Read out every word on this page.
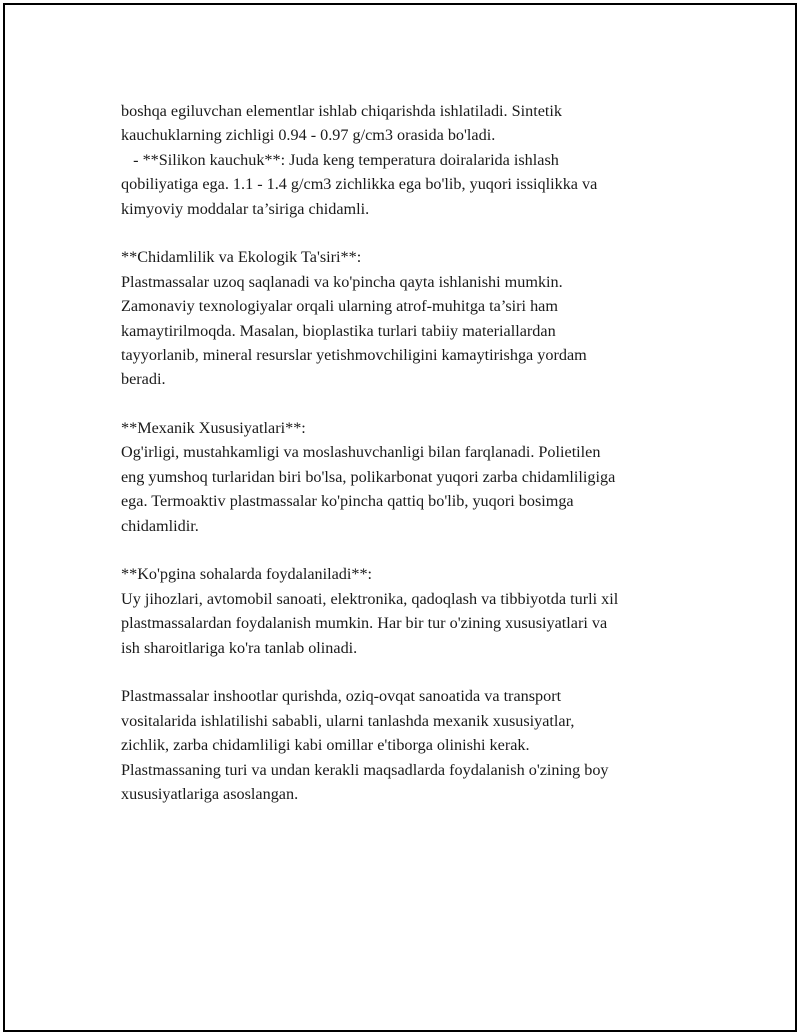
boshqa egiluvchan elementlar ishlab chiqarishda ishlatiladi. Sintetik
kauchuklarning zichligi 0.94 - 0.97 g/cm3 orasida bo'ladi.
- **Silikon kauchuk**: Juda keng temperatura doiralarida ishlash
qobiliyatiga ega. 1.1 - 1.4 g/cm3 zichlikka ega bo'lib, yuqori issiqlikka va
kimyoviy moddalar ta’siriga chidamli.
**Chidamlilik va Ekologik Ta'siri**:
Plastmassalar uzoq saqlanadi va ko'pincha qayta ishlanishi mumkin.
Zamonaviy texnologiyalar orqali ularning atrof-muhitga ta’siri ham
kamaytirilmoqda. Masalan, bioplastika turlari tabiiy materiallardan
tayyorlanib, mineral resurslar yetishmovchiligini kamaytirishga yordam
beradi.
**Mexanik Xususiyatlari**:
Og'irligi, mustahkamligi va moslashuvchanligi bilan farqlanadi. Polietilen
eng yumshoq turlaridan biri bo'lsa, polikarbonat yuqori zarba chidamliligiga
ega. Termoaktiv plastmassalar ko'pincha qattiq bo'lib, yuqori bosimga
chidamlidir.
**Ko'pgina sohalarda foydalaniladi**:
Uy jihozlari, avtomobil sanoati, elektronika, qadoqlash va tibbiyotda turli xil
plastmassalardan foydalanish mumkin. Har bir tur o'zining xususiyatlari va
ish sharoitlariga ko'ra tanlab olinadi.
Plastmassalar inshootlar qurishda, oziq-ovqat sanoatida va transport
vositalarida ishlatilishi sababli, ularni tanlashda mexanik xususiyatlar,
zichlik, zarba chidamliligi kabi omillar e'tiborga olinishi kerak.
Plastmassaning turi va undan kerakli maqsadlarda foydalanish o'zining boy
xususiyatlariga asoslangan.
